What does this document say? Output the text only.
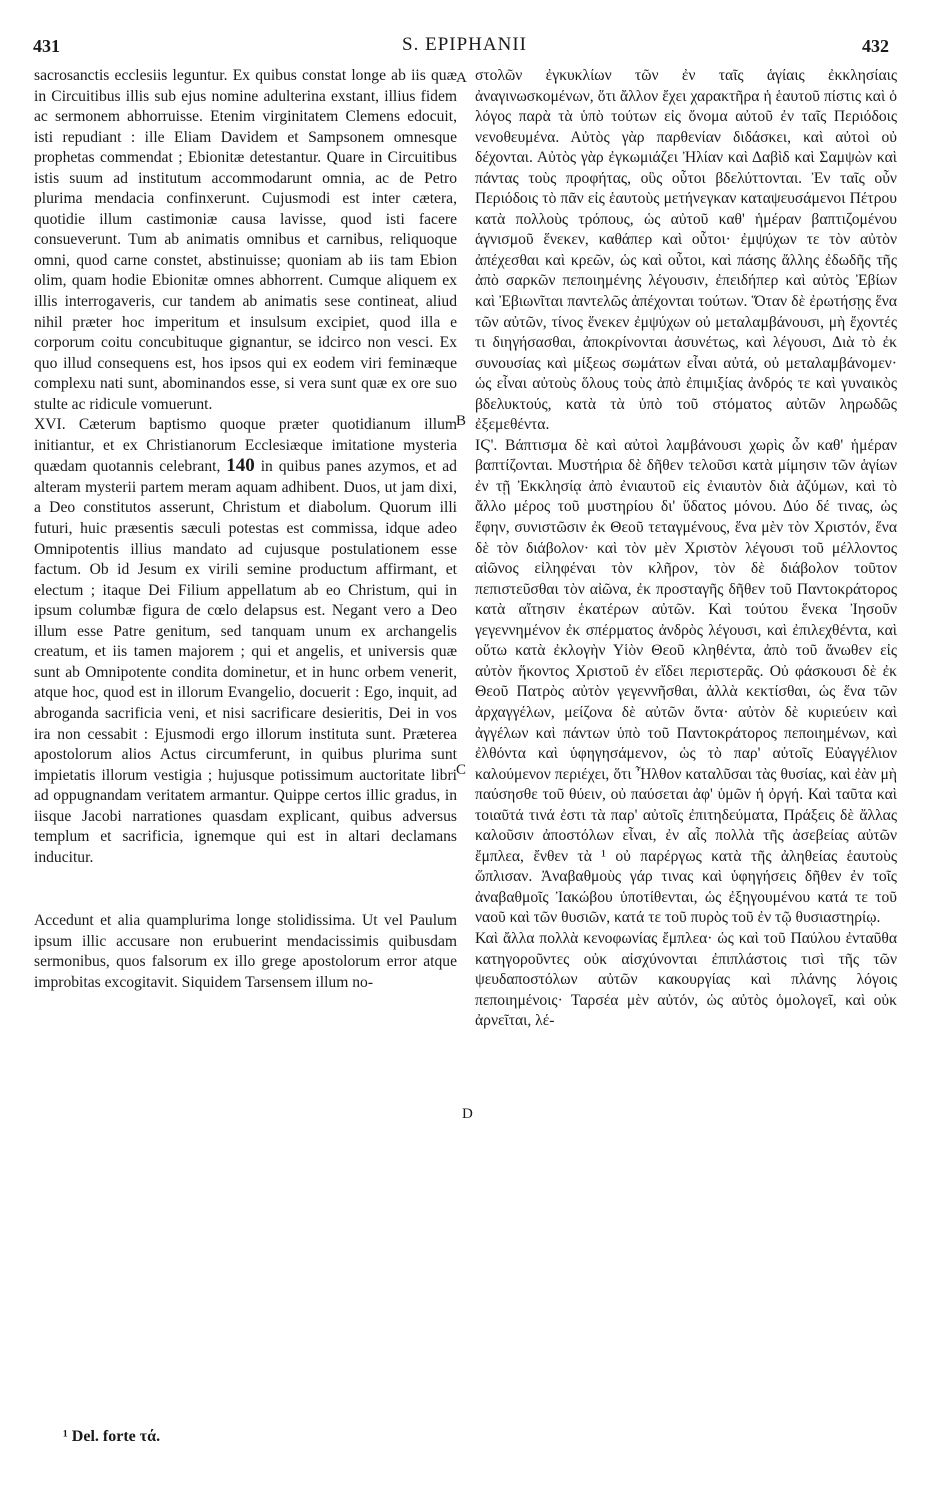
431	S. EPIPHANII	432

sacrosanctis ecclesiis leguntur. Ex quibus constat longe ab iis quæ in Circuitibus illis sub ejus nomine adulterina exstant, illius fidem ac sermonem abhorruisse. Etenim virginitatem Clemens edocuit, isti repudiant : ille Eliam Davidem et Sampsonem omnesque prophetas commendat ; Ebionitæ detestantur. Quare in Circuitibus istis suum ad institutum accommodarunt omnia, ac de Petro plurima mendacia confinxerunt. Cujusmodi est inter cætera, quotidie illum castimoniæ causa lavisse, quod isti facere consueverunt. Tum ab animatis omnibus et carnibus, reliquoque omni, quod carne constet, abstinuisse; quoniam ab iis tam Ebion olim, quam hodie Ebionitæ omnes abhorrent. Cumque aliquem ex illis interrogaveris, cur tandem ab animatis sese contineat, aliud nihil præter hoc imperitum et insulsum excipiet, quod illa e corporum coitu concubituque gignantur, se idcirco non vesci. Ex quo illud consequens est, hos ipsos qui ex eodem viri feminæque complexu nati sunt, abominandos esse, si vera sunt quæ ex ore suo stulte ac ridicule vomuerunt.

XVI. Cæterum baptismo quoque præter quotidianum illum initiantur, et ex Christianorum Ecclesiæque imitatione mysteria quædam quotannis celebrant, 140 in quibus panes azymos, et ad alteram mysterii partem meram aquam adhibent. Duos, ut jam dixi, a Deo constitutos asserunt, Christum et diabolum. Quorum illi futuri, huic præsentis sæculi potestas est commissa, idque adeo Omnipotentis illius mandato ad cujusque postulationem esse factum. Ob id Jesum ex virili semine productum affirmant, et electum ; itaque Dei Filium appellatum ab eo Christum, qui in ipsum columbæ figura de cœlo delapsus est. Negant vero a Deo illum esse Patre genitum, sed tanquam unum ex archangelis creatum, et iis tamen majorem ; qui et angelis, et universis quæ sunt ab Omnipotente condita dominetur, et in hunc orbem venerit, atque hoc, quod est in illorum Evangelio, docuerit : Ego, inquit, ad abroganda sacrificia veni, et nisi sacrificare desieritis, Dei in vos ira non cessabit : Ejusmodi ergo illorum instituta sunt. Præterea apostolorum alios Actus circumferunt, in quibus plurima sunt impietatis illorum vestigia ; hujusque potissimum auctoritate libri ad oppugnandam veritatem armantur. Quippe certos illic gradus, in iisque Jacobi narrationes quasdam explicant, quibus adversus templum et sacrificia, ignemque qui est in altari declamans inducitur.

Accedunt et alia quamplurima longe stolidissima. Ut vel Paulum ipsum illic accusare non erubuerint mendacissimis quibusdam sermonibus, quos falsorum ex illo grege apostolorum error atque improbitas excogitavit. Siquidem Tarsensem illum no-

A
B
C
D

στολῶν ἐγκυκλίων τῶν ἐν ταῖς ἁγίαις ἐκκλησίαις ἀναγινωσκομένων, ὅτι ἄλλον ἔχει χαρακτῆρα ἡ ἑαυτοῦ πίστις καὶ ὁ λόγος παρὰ τὰ ὑπὸ τούτων εἰς ὄνομα αὐτοῦ ἐν ταῖς Περιόδοις νενοθευμένα. Αὐτὸς γὰρ παρθενίαν διδάσκει, καὶ αὐτοὶ οὐ δέχονται. Αὐτὸς γὰρ ἐγκωμιάζει Ἠλίαν καὶ Δαβὶδ καὶ Σαμψὼν καὶ πάντας τοὺς προφήτας, οὓς οὗτοι βδελύττονται. Ἐν ταῖς οὖν Περιόδοις τὸ πᾶν εἰς ἑαυτοὺς μετήνεγκαν καταψευσάμενοι Πέτρου κατὰ πολλοὺς τρόπους, ὡς αὐτοῦ καθ' ἡμέραν βαπτιζομένου ἁγνισμοῦ ἕνεκεν, καθάπερ καὶ οὗτοι· ἐμψύχων τε τὸν αὐτὸν ἀπέχεσθαι καὶ κρεῶν, ὡς καὶ οὗτοι, καὶ πάσης ἄλλης ἐδωδῆς τῆς ἀπὸ σαρκῶν πεποιημένης λέγουσιν, ἐπειδήπερ καὶ αὐτὸς Ἐβίων καὶ Ἐβιωνῖται παντελῶς ἀπέχονται τούτων. Ὅταν δὲ ἐρωτήσῃς ἕνα τῶν αὐτῶν, τίνος ἕνεκεν ἐμψύχων οὐ μεταλαμβάνουσι, μὴ ἔχοντές τι διηγήσασθαι, ἀποκρίνονται ἀσυνέτως, καὶ λέγουσι, Διὰ τὸ ἐκ συνουσίας καὶ μίξεως σωμάτων εἶναι αὐτά, οὐ μεταλαμβάνομεν· ὡς εἶναι αὐτοὺς ὅλους τοὺς ἀπὸ ἐπιμιξίας ἀνδρός τε καὶ γυναικὸς βδελυκτούς, κατὰ τὰ ὑπὸ τοῦ στόματος αὐτῶν ληρωδῶς ἐξεμεθέντα.

ΙϚ'. Βάπτισμα δὲ καὶ αὐτοὶ λαμβάνουσι χωρὶς ὧν καθ' ἡμέραν βαπτίζονται. Μυστήρια δὲ δῆθεν τελοῦσι κατὰ μίμησιν τῶν ἁγίων ἐν τῇ Ἐκκλησίᾳ ἀπὸ ἐνιαυτοῦ εἰς ἐνιαυτὸν διὰ ἀζύμων, καὶ τὸ ἄλλο μέρος τοῦ μυστηρίου δι' ὕδατος μόνου. Δύο δέ τινας, ὡς ἔφην, συνιστῶσιν ἐκ Θεοῦ τεταγμένους, ἕνα μὲν τὸν Χριστόν, ἕνα δὲ τὸν διάβολον· καὶ τὸν μὲν Χριστὸν λέγουσι τοῦ μέλλοντος αἰῶνος εἰληφέναι τὸν κλῆρον, τὸν δὲ διάβολον τοῦτον πεπιστεῦσθαι τὸν αἰῶνα, ἐκ προσταγῆς δῆθεν τοῦ Παντοκράτορος κατὰ αἴτησιν ἑκατέρων αὐτῶν. Καὶ τούτου ἕνεκα Ἰησοῦν γεγεννημένον ἐκ σπέρματος ἀνδρὸς λέγουσι, καὶ ἐπιλεχθέντα, καὶ οὕτω κατὰ ἐκλογὴν Υἱὸν Θεοῦ κληθέντα, ἀπὸ τοῦ ἄνωθεν εἰς αὐτὸν ἥκοντος Χριστοῦ ἐν εἴδει περιστερᾶς. Οὐ φάσκουσι δὲ ἐκ Θεοῦ Πατρὸς αὐτὸν γεγεννῆσθαι, ἀλλὰ κεκτίσθαι, ὡς ἕνα τῶν ἀρχαγγέλων, μείζονα δὲ αὐτῶν ὄντα· αὐτὸν δὲ κυριεύειν καὶ ἀγγέλων καὶ πάντων ὑπὸ τοῦ Παντοκράτορος πεποιημένων, καὶ ἐλθόντα καὶ ὑφηγησάμενον, ὡς τὸ παρ' αὐτοῖς Εὐαγγέλιον καλούμενον περιέχει, ὅτι Ἦλθον καταλῦσαι τὰς θυσίας, καὶ ἐὰν μὴ παύσησθε τοῦ θύειν, οὐ παύσεται ἀφ' ὑμῶν ἡ ὀργή. Καὶ ταῦτα καὶ τοιαῦτά τινά ἐστι τὰ παρ' αὐτοῖς ἐπιτηδεύματα, Πράξεις δὲ ἄλλας καλοῦσιν ἀποστόλων εἶναι, ἐν αἷς πολλὰ τῆς ἀσεβείας αὐτῶν ἔμπλεα, ἔνθεν τὰ ¹ οὐ παρέργως κατὰ τῆς ἀληθείας ἑαυτοὺς ὥπλισαν. Ἀναβαθμοὺς γάρ τινας καὶ ὑφηγήσεις δῆθεν ἐν τοῖς ἀναβαθμοῖς Ἰακώβου ὑποτίθενται, ὡς ἐξηγουμένου κατά τε τοῦ ναοῦ καὶ τῶν θυσιῶν, κατά τε τοῦ πυρὸς τοῦ ἐν τῷ θυσιαστηρίῳ.

Καὶ ἄλλα πολλὰ κενοφωνίας ἔμπλεα· ὡς καὶ τοῦ Παύλου ἐνταῦθα κατηγοροῦντες οὐκ αἰσχύνονται ἐπιπλάστοις τισὶ τῆς τῶν ψευδαποστόλων αὐτῶν κακουργίας καὶ πλάνης λόγοις πεποιημένοις· Ταρσέα μὲν αὐτόν, ὡς αὐτὸς ὁμολογεῖ, καὶ οὐκ ἀρνεῖται, λέ-

¹ Del. forte τά.
